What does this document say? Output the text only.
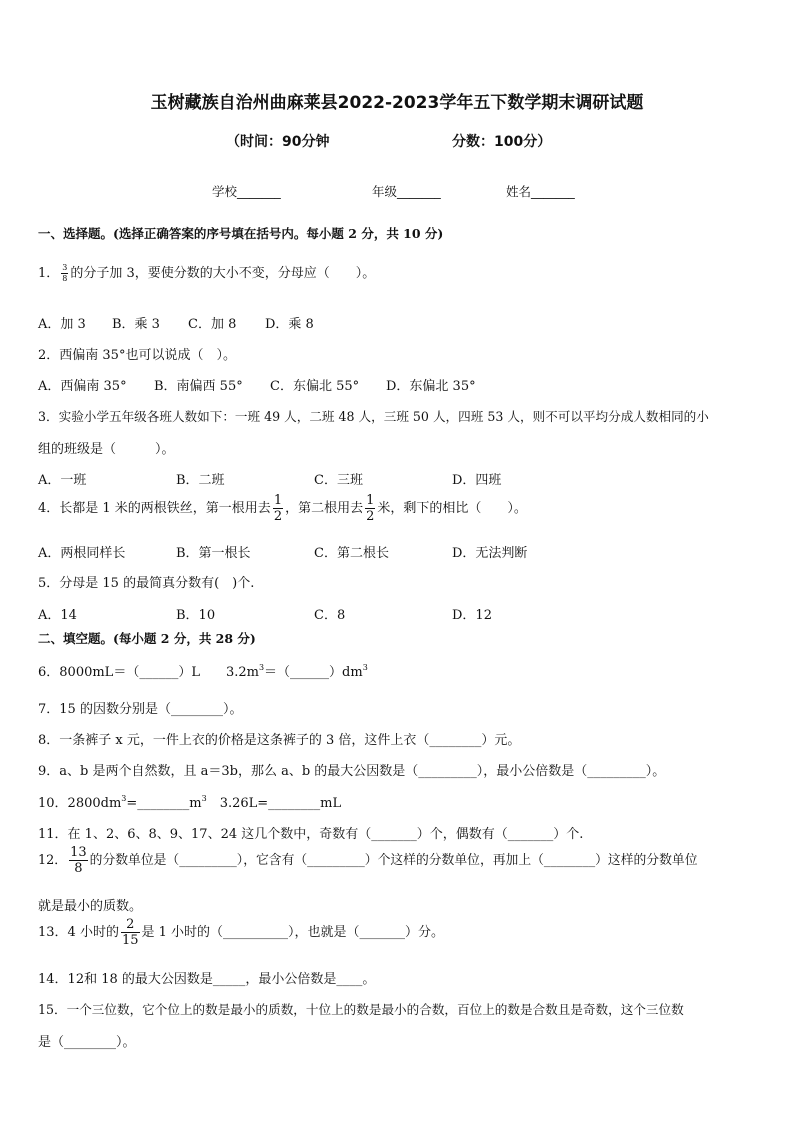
玉树藏族自治州曲麻莱县2022-2023学年五下数学期末调研试题
（时间：90分钟	分数：100分）
学校_______	年级_______	姓名_______
一、选择题。(选择正确答案的序号填在括号内。每小题 2 分，共 10 分)
1． $\frac{3}{8}$ 的分子加 3，要使分数的大小不变，分母应（　　）。
A．加 3 B．乘 3 C．加 8 D．乘 8
2．西偏南 35°也可以说成（　）。
A．西偏南 35° B．南偏西 55° C．东偏北 55° D．东偏北 35°
3．实验小学五年级各班人数如下：一班 49 人，二班 48 人，三班 50 人，四班 53 人，则不可以平均分成人数相同的小
组的班级是（　　　）。
A．一班	B．二班	C．三班	D．四班
4．长都是 1 米的两根铁丝，第一根用去 $\frac{1}{2}$ ，第二根用去 $\frac{1}{2}$ 米，剩下的相比（　　）。
A．两根同样长	B．第一根长	C．第二根长	D．无法判断
5．分母是 15 的最简真分数有(　)个.
A．14	B．10	C．8	D．12
二、填空题。(每小题 2 分，共 28 分)
6．8000mL＝（______）L　　$3.2m^3=(\_\_\_\_\_\_)dm^3$
7．15 的因数分别是（________）。
8．一条裤子 x 元，一件上衣的价格是这条裤子的 3 倍，这件上衣（________）元。
9．a、b 是两个自然数，且 a＝3b，那么 a、b 的最大公因数是（_________），最小公倍数是（_________）。
10．$2800dm^3=\_\_\_\_\_\_\_\_m^3$　3.26L=________mL
11．在 1、2、6、8、9、17、24 这几个数中，奇数有（_______）个，偶数有（_______）个.
12． $\frac{13}{8}$ 的分数单位是（_________），它含有（_________）个这样的分数单位，再加上（________）这样的分数单位
就是最小的质数。
13．4 小时的 $\frac{2}{15}$ 是 1 小时的（__________），也就是（_______）分。
14．12和 18 的最大公因数是_____，最小公倍数是____。
15．一个三位数，它个位上的数是最小的质数，十位上的数是最小的合数，百位上的数是合数且是奇数，这个三位数
是（________）。
